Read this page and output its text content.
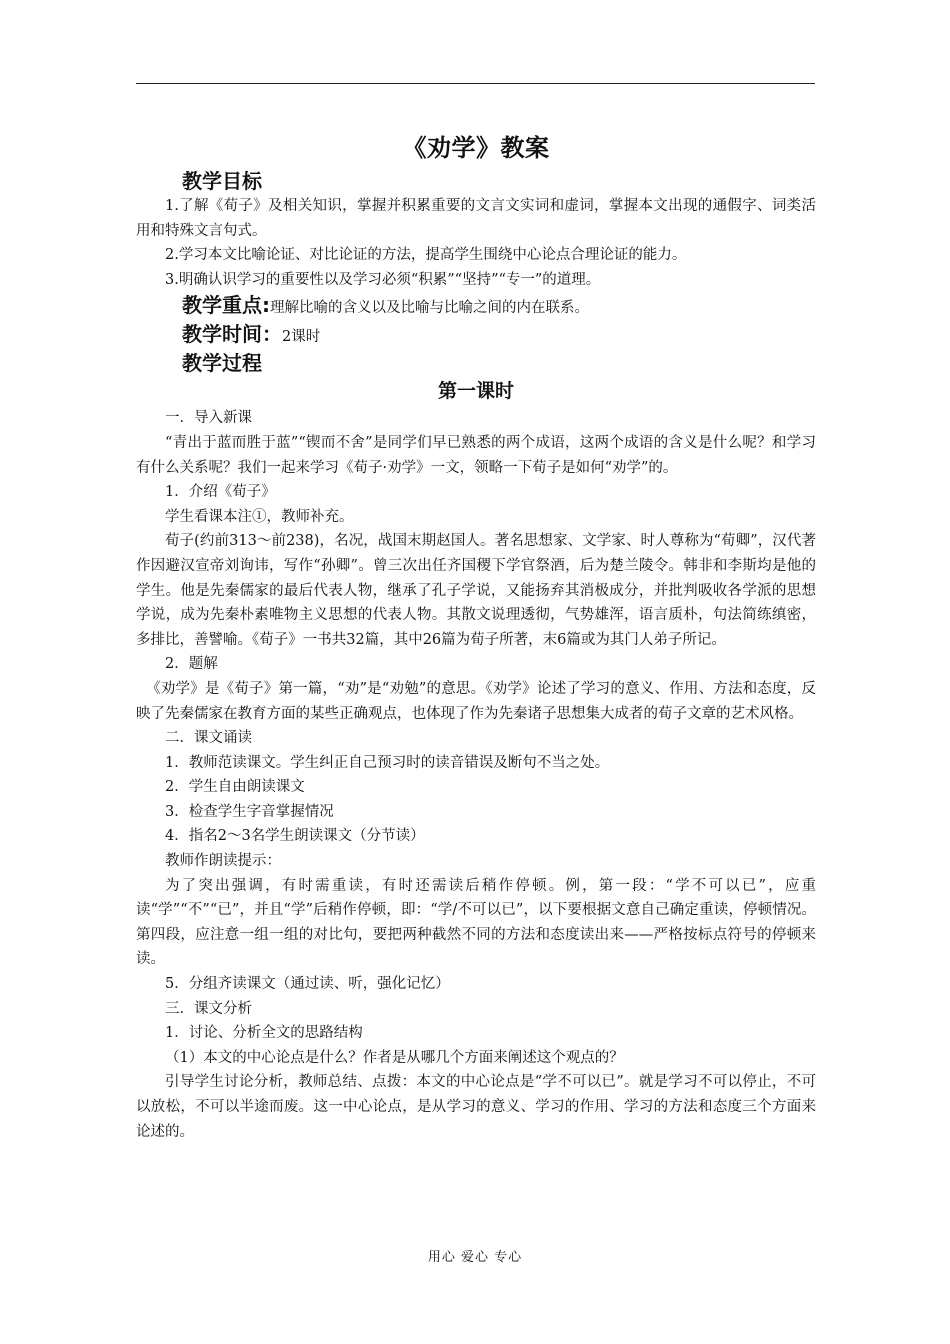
《劝学》教案
教学目标

1.了解《荀子》及相关知识，掌握并积累重要的文言文实词和虚词，掌握本文出现的通假字、词类活用和特殊文言句式。

2.学习本文比喻论证、对比论证的方法，提高学生围绕中心论点合理论证的能力。

3.明确认识学习的重要性以及学习必须“积累”“坚持”“专一”的道理。

教学重点:理解比喻的含义以及比喻与比喻之间的内在联系。
教学时间：2课时
教学过程
第一课时

一．导入新课

“青出于蓝而胜于蓝”“锲而不舍”是同学们早已熟悉的两个成语，这两个成语的含义是什么呢？和学习有什么关系呢？我们一起来学习《荀子·劝学》一文，领略一下荀子是如何“劝学”的。

1．介绍《荀子》

学生看课本注①，教师补充。

荀子(约前313～前238)，名况，战国末期赵国人。著名思想家、文学家、时人尊称为“荀卿”，汉代著作因避汉宣帝刘询讳，写作“孙卿”。曾三次出任齐国稷下学官祭酒，后为楚兰陵令。韩非和李斯均是他的学生。他是先秦儒家的最后代表人物，继承了孔子学说，又能扬弃其消极成分，并批判吸收各学派的思想学说，成为先秦朴素唯物主义思想的代表人物。其散文说理透彻，气势雄浑，语言质朴，句法简练缜密，多排比，善譬喻。《荀子》一书共32篇，其中26篇为荀子所著，末6篇或为其门人弟子所记。

2．题解

《劝学》是《荀子》第一篇，“劝”是“劝勉”的意思。《劝学》论述了学习的意义、作用、方法和态度，反映了先秦儒家在教育方面的某些正确观点，也体现了作为先秦诸子思想集大成者的荀子文章的艺术风格。

二．课文诵读

1．教师范读课文。学生纠正自己预习时的读音错误及断句不当之处。

2．学生自由朗读课文

3．检查学生字音掌握情况

4．指名2～3名学生朗读课文（分节读）

教师作朗读提示：

为了突出强调，有时需重读，有时还需读后稍作停顿。例，第一段：“学不可以已”，应重读“学”“不”“已”，并且“学”后稍作停顿，即：“学/不可以已”，以下要根据文意自己确定重读，停顿情况。第四段，应注意一组一组的对比句，要把两种截然不同的方法和态度读出来——严格按标点符号的停顿来读。

5．分组齐读课文（通过读、听，强化记忆）

三．课文分析

1．讨论、分析全文的思路结构

（1）本文的中心论点是什么？作者是从哪几个方面来阐述这个观点的？

引导学生讨论分析，教师总结、点拨：本文的中心论点是“学不可以已”。就是学习不可以停止，不可以放松，不可以半途而废。这一中心论点，是从学习的意义、学习的作用、学习的方法和态度三个方面来论述的。

用心 爱心 专心
